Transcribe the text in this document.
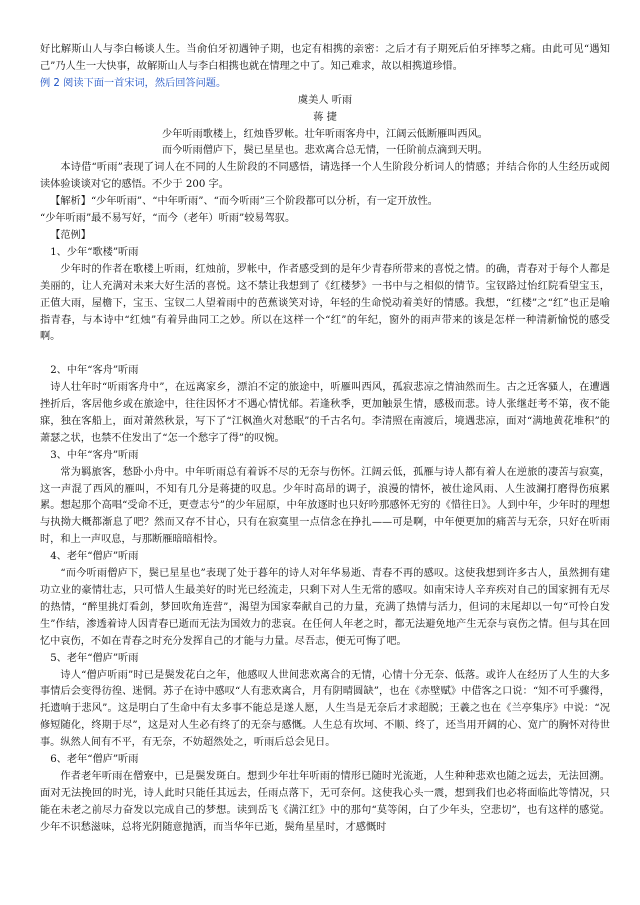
好比解斯山人与李白畅谈人生。当俞伯牙初遇钟子期，也定有相携的亲密：之后才有子期死后伯牙摔琴之痛。由此可见“遇知己”乃人生一大快事，故解斯山人与李白相携也就在情理之中了。知己难求，故以相携道珍惜。

例 2 阅读下面一首宋词，然后回答问题。

虞美人 听雨

蒋 捷

少年听雨歌楼上，红烛昏罗帐。壮年听雨客舟中，江阔云低断雁叫西风。

而今听雨僧庐下，鬓已星星也。悲欢离合总无情，一任阶前点滴到天明。

本诗借“听雨”表现了词人在不同的人生阶段的不同感悟，请选择一个人生阶段分析词人的情感；并结合你的人生经历或阅读体验谈谈对它的感悟。不少于 200 字。

【解析】“少年听雨”、“中年听雨”、“而今听雨”三个阶段都可以分析，有一定开放性。

“少年听雨”最不易写好，“而今（老年）听雨”较易驾驭。

【范例】

1、少年“歌楼”听雨

少年时的作者在歌楼上听雨，红烛前，罗帐中，作者感受到的是年少青春所带来的喜悦之情。的确，青春对于每个人都是美丽的，让人充满对未来大好生活的喜悦。这不禁让我想到了《红楼梦》一书中与之相似的情节。宝钗路过怡红院看望宝玉，正值大雨，屋檐下，宝玉、宝钗二人望着雨中的芭蕉谈笑对诗，年轻的生命悦动着美好的情感。我想，“红楼”之“红”也正是喻指青春，与本诗中“红烛”有着异曲同工之妙。所以在这样一个“红”的年纪，窗外的雨声带来的该是怎样一种清新愉悦的感受啊。

2、中年“客舟”听雨

诗人壮年时“听雨客舟中”，在远离家乡，漂泊不定的旅途中，听雁叫西风，孤寂悲凉之情油然而生。古之迁客骚人，在遭遇挫折后，客居他乡或在旅途中，往往因怀才不遇心情忧郁。若逢秋季，更加触景生情，感极而悲。诗人张继赶考不第，夜不能寐，独在客船上，面对萧然秋景，写下了“江枫渔火对愁眠”的千古名句。李清照在南渡后，境遇悲凉，面对“满地黄花堆积”的萧瑟之状，也禁不住发出了“怎一个愁字了得”的叹惋。

3、中年“客舟”听雨

常为羁旅客，愁卧小舟中。中年听雨总有着诉不尽的无奈与伤怀。江阔云低，孤雁与诗人都有着人在逆旅的凄苦与寂寞，这一声混了西风的雁叫，不知有几分是蒋捷的叹息。少年时高昂的调子，浪漫的情怀，被仕途风雨、人生波澜打磨得伤痕累累。想起那个高唱“受命不迁，更壹志兮”的少年屈原，中年放逐时也只好吟那感怀无穷的《惜往日》。人到中年，少年时的理想与执拗大概都渐息了吧？然而又存不甘心，只有在寂寞里一点信念在挣扎——可是啊，中年便更加的痛苦与无奈，只好在听雨时，和上一声叹息，与那断雁暗暗相怜。

4、老年“僧庐”听雨

“而今听雨僧庐下，鬓已星星也”表现了处于暮年的诗人对年华易逝、青春不再的感叹。这使我想到许多古人，虽然拥有建功立业的豪情壮志，只可惜人生最美好的时光已经流走，只剩下对人生无常的感叹。如南宋诗人辛弃疾对自己的国家拥有无尽的热情，“醉里挑灯看剑，梦回吹角连营”，渴望为国家奉献自己的力量，充满了热情与活力，但词的末尾却以一句“可怜白发生”作结，渗透着诗人因青春已逝而无法为国效力的悲哀。在任何人年老之时，都无法避免地产生无奈与哀伤之情。但与其在回忆中哀伤，不如在青春之时充分发挥自己的才能与力量。尽吾志，便无可悔了吧。

5、老年“僧庐”听雨

诗人“僧庐听雨”时已是鬓发花白之年，他感叹人世间悲欢离合的无情，心情十分无奈、低落。或许人在经历了人生的大多事情后会变得彷徨、迷惘。苏子在诗中感叹“人有悲欢离合，月有阴晴圆缺”，也在《赤壁赋》中借客之口说：“知不可乎骤得，托遗响于悲风”。这是明白了生命中有太多事不能总是遂人愿，人生当是无奈后才求超脱；王羲之也在《兰亭集序》中说：“况修短随化，终期于尽”，这是对人生必有终了的无奈与感慨。人生总有坎坷、不顺、终了，还当用开阔的心、宽广的胸怀对待世事。纵然人间有不平，有无奈，不妨超然处之，听雨后总会见日。

6、老年“僧庐”听雨

作者老年听雨在僧寮中，已是鬓发斑白。想到少年壮年听雨的情形已随时光流逝，人生种种悲欢也随之远去，无法回溯。面对无法挽回的时光，诗人此时只能任其远去，任雨点落下，无可奈何。这使我心头一震，想到我们也必将面临此等情况，只能在未老之前尽力奋发以完成自己的梦想。读到岳飞《满江红》中的那句“莫等闲，白了少年头，空悲切”，也有这样的感觉。少年不识愁滋味，总将光阴随意抛洒，而当华年已逝，鬓角星星时，才感慨时
